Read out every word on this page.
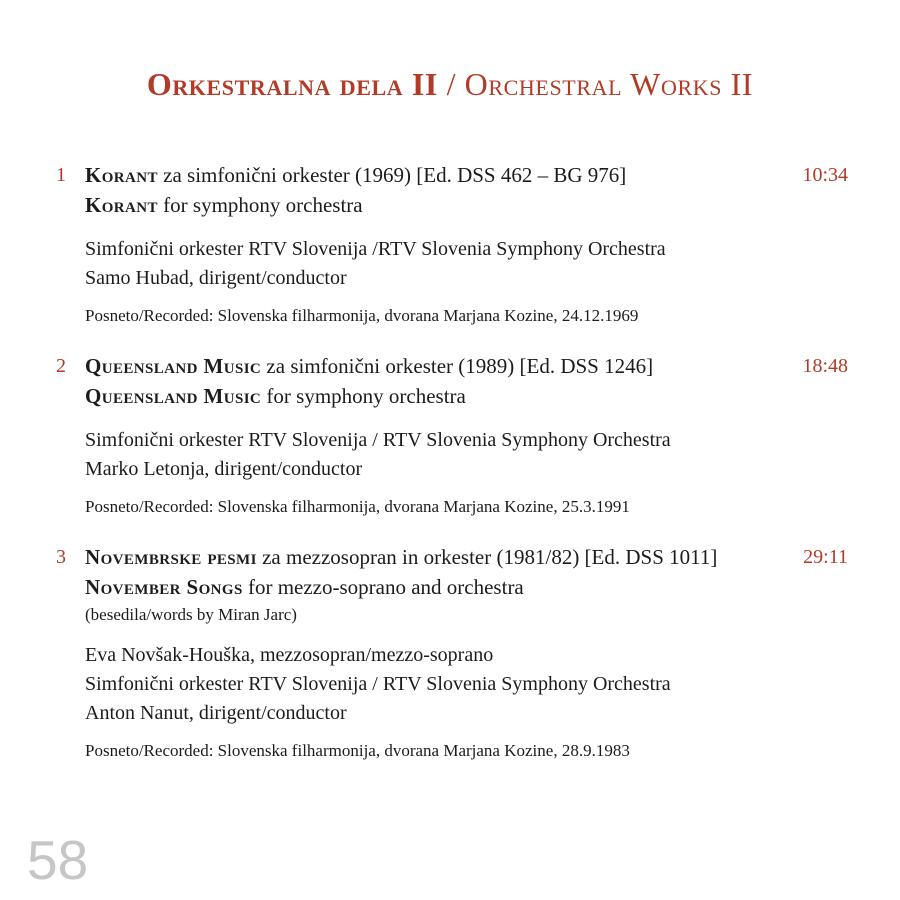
Orkestralna dela II / Orchestral Works II
1 Korant za simfonični orkester (1969) [Ed. DSS 462 – BG 976]
Korant for symphony orchestra
10:34
Simfonični orkester RTV Slovenija /RTV Slovenia Symphony Orchestra
Samo Hubad, dirigent/conductor
Posneto/Recorded: Slovenska filharmonija, dvorana Marjana Kozine, 24.12.1969
2 Queensland Music za simfonični orkester (1989) [Ed. DSS 1246]
Queensland Music for symphony orchestra
18:48
Simfonični orkester RTV Slovenija / RTV Slovenia Symphony Orchestra
Marko Letonja, dirigent/conductor
Posneto/Recorded: Slovenska filharmonija, dvorana Marjana Kozine, 25.3.1991
3 Novembrske pesmi za mezzosopran in orkester (1981/82) [Ed. DSS 1011]
November Songs for mezzo-soprano and orchestra
(besedila/words by Miran Jarc)
29:11
Eva Novšak-Houška, mezzosopran/mezzo-soprano
Simfonični orkester RTV Slovenija / RTV Slovenia Symphony Orchestra
Anton Nanut, dirigent/conductor
Posneto/Recorded: Slovenska filharmonija, dvorana Marjana Kozine, 28.9.1983
58
